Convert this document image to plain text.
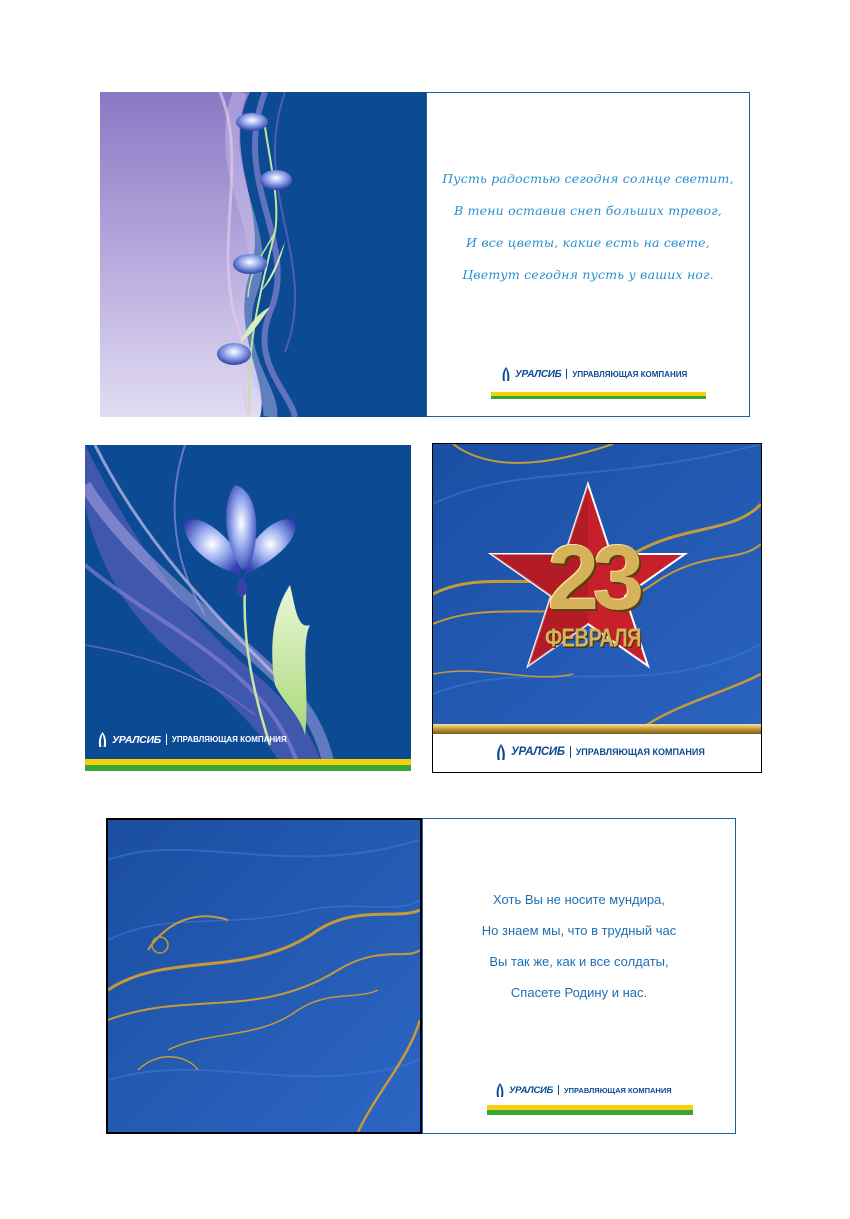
Пусть радостью сегодня солнце светит,
В тени оставив снеп больших тревог,
И все цветы, какие есть на свете,
Цветут сегодня пусть у ваших ног.
УРАЛСИБ УПРАВЛЯЮЩАЯ КОМПАНИЯ
УРАЛСИБ УПРАВЛЯЮЩАЯ КОМПАНИЯ
23
ФЕВРАЛЯ
УРАЛСИБ УПРАВЛЯЮЩАЯ КОМПАНИЯ
Хоть Вы не носите мундира,
Но знаем мы, что в трудный час
Вы так же, как и все солдаты,
Спасете Родину и нас.
УРАЛСИБ УПРАВЛЯЮЩАЯ КОМПАНИЯ
